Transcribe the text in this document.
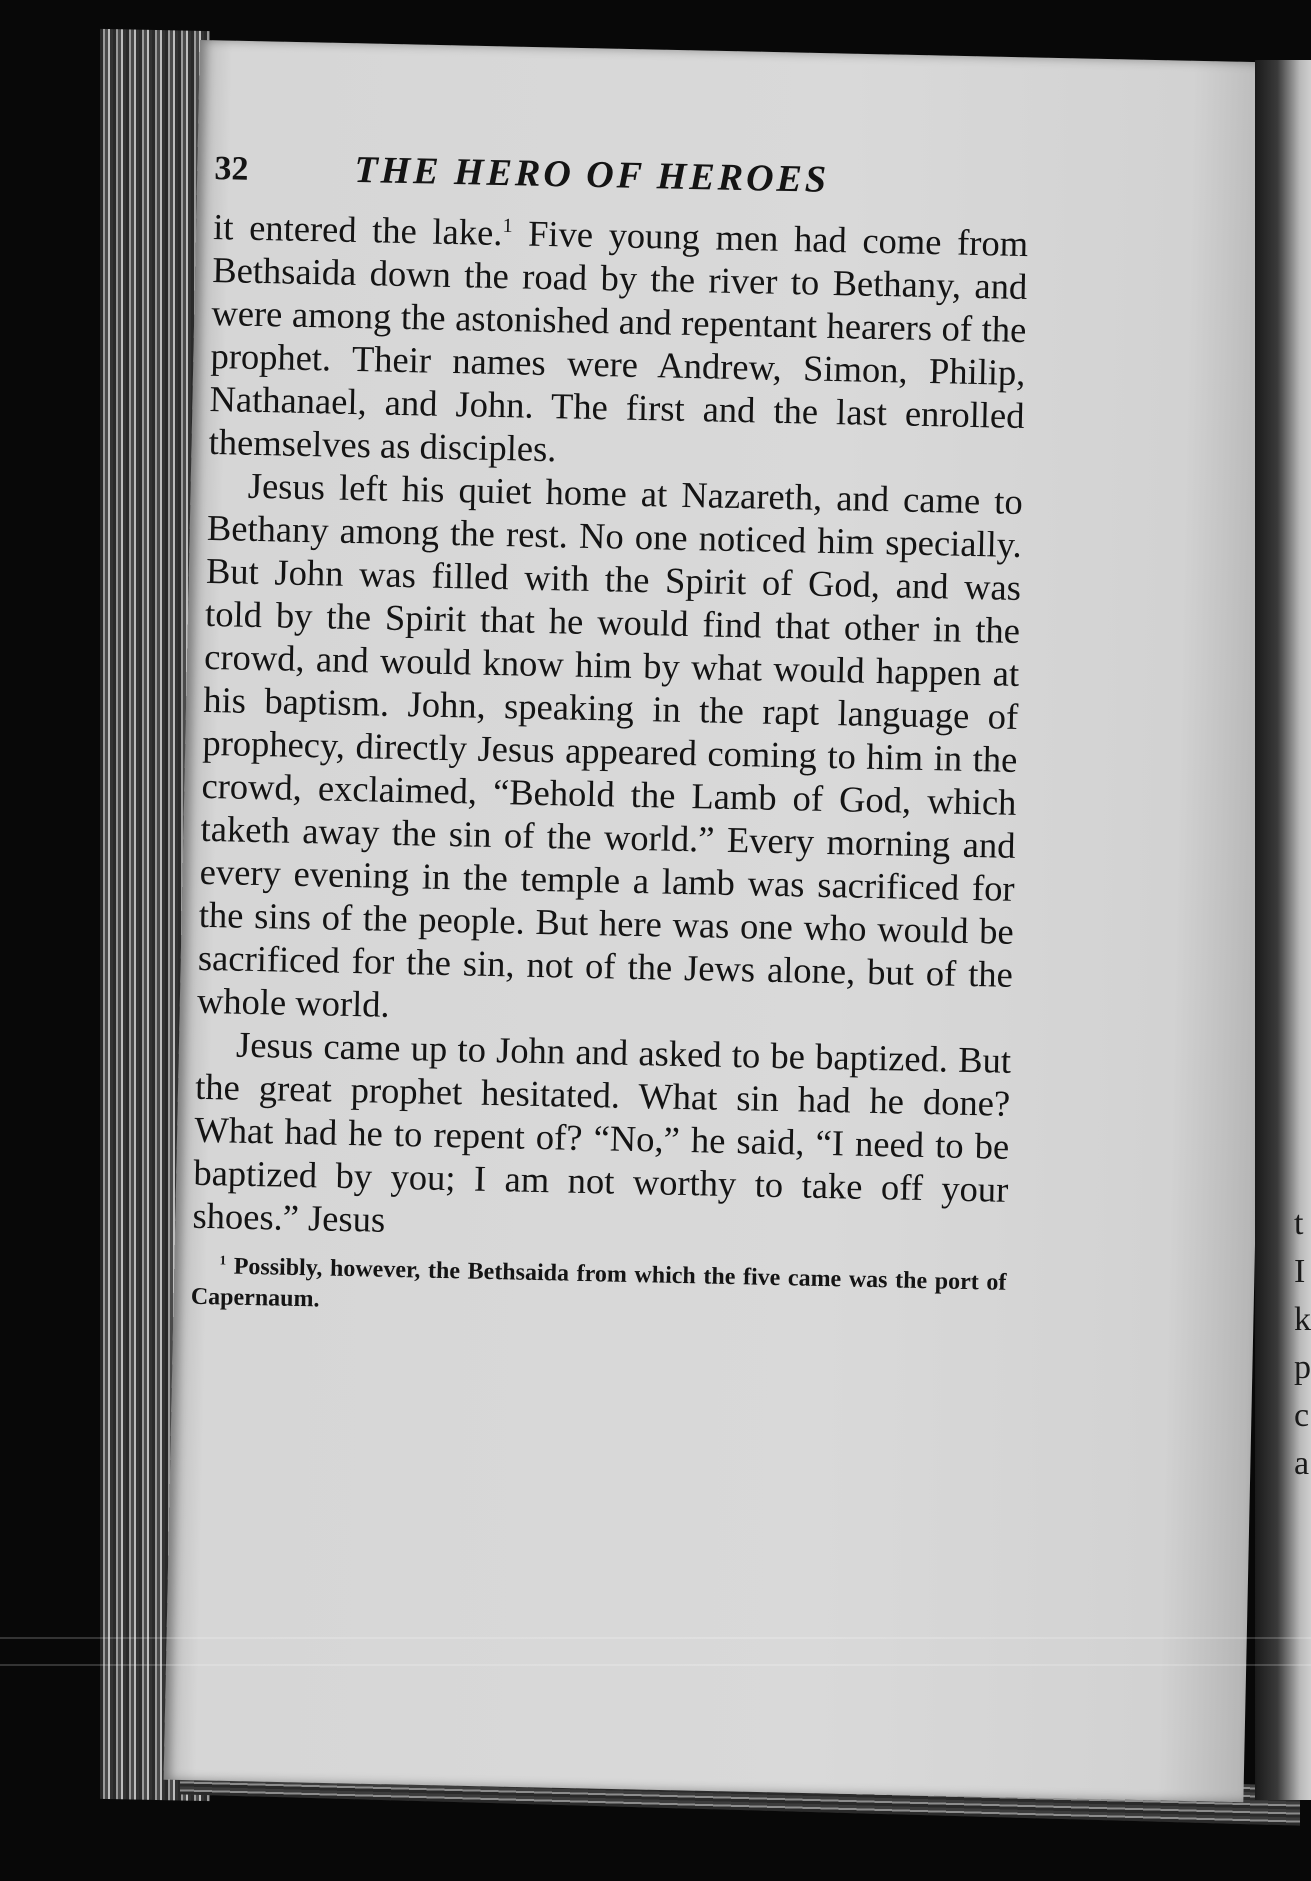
t
I
k
p
c
a
32	THE HERO OF HEROES

it entered the lake.$^1$ Five young men had come from Bethsaida down the road by the river to Bethany, and were among the astonished and repentant hearers of the prophet. Their names were Andrew, Simon, Philip, Nathanael, and John. The first and the last enrolled themselves as disciples.

Jesus left his quiet home at Nazareth, and came to Bethany among the rest. No one noticed him specially. But John was filled with the Spirit of God, and was told by the Spirit that he would find that other in the crowd, and would know him by what would happen at his baptism. John, speaking in the rapt language of prophecy, directly Jesus appeared coming to him in the crowd, exclaimed, “Behold the Lamb of God, which taketh away the sin of the world.” Every morning and every evening in the temple a lamb was sacrificed for the sins of the people. But here was one who would be sacrificed for the sin, not of the Jews alone, but of the whole world.

Jesus came up to John and asked to be baptized. But the great prophet hesitated. What sin had he done? What had he to repent of? “No,” he said, “I need to be baptized by you; I am not worthy to take off your shoes.” Jesus

$^1$ Possibly, however, the Bethsaida from which the five came was the port of Capernaum.
